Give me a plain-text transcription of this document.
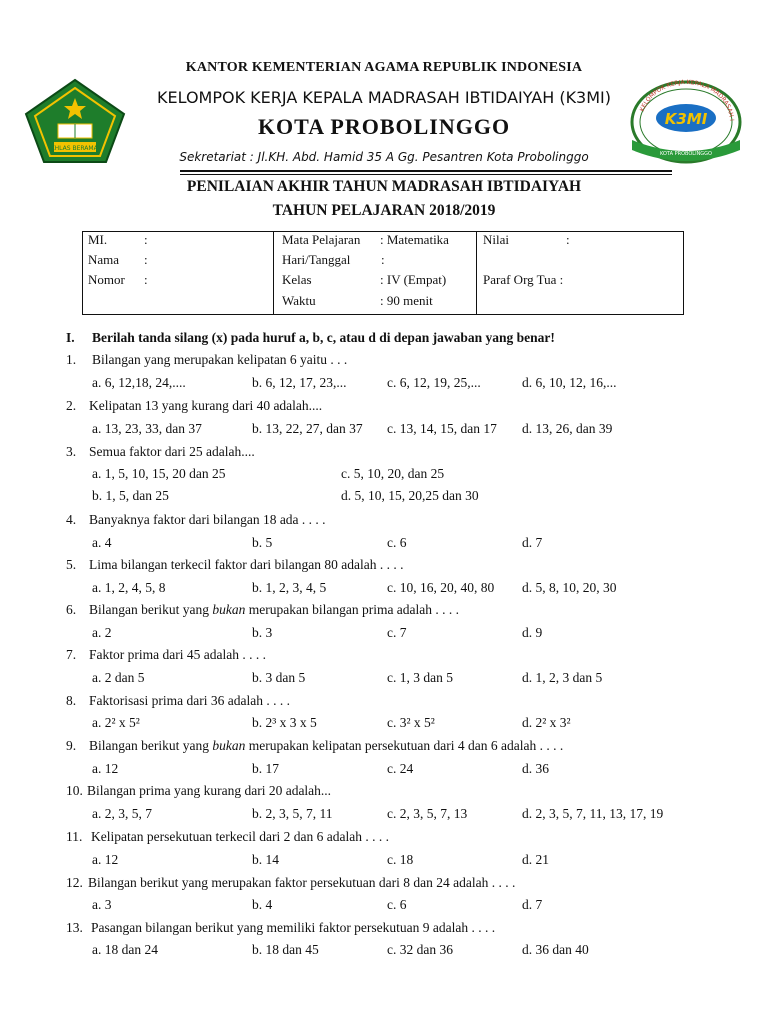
IKHLAS BERAMAL
KELOMPOK KERJA KEPALA MADRASAH I
K3MI
KOTA PROBOLINGGO
KANTOR KEMENTERIAN AGAMA REPUBLIK INDONESIA
KELOMPOK KERJA KEPALA MADRASAH IBTIDAIYAH (K3MI)
KOTA PROBOLINGGO
Sekretariat : Jl.KH. Abd. Hamid 35 A Gg. Pesantren Kota Probolinggo
PENILAIAN AKHIR TAHUN MADRASAH IBTIDAIYAH
TAHUN PELAJARAN 2018/2019
MI.	:
Nama :
Nomor :
Mata Pelajaran : Matematika
Hari/Tanggal :
Kelas	: IV (Empat)
Waktu	: 90 menit
Nilai	:
Paraf Org Tua :
I. Berilah tanda silang (x) pada huruf a, b, c, atau d di depan jawaban yang benar!
1. Bilangan yang merupakan kelipatan 6 yaitu . . .
a. 6, 12,18, 24,....	b. 6, 12, 17, 23,...	c. 6, 12, 19, 25,...	d. 6, 10, 12, 16,...
2. Kelipatan 13 yang kurang dari 40 adalah....
a. 13, 23, 33, dan 37	b. 13, 22, 27, dan 37 c. 13, 14, 15, dan 17 d. 13, 26, dan 39
3. Semua faktor dari 25 adalah....
a. 1, 5, 10, 15, 20 dan 25	c. 5, 10, 20, dan 25
b. 1, 5, dan 25	d. 5, 10, 15, 20,25 dan 30
4. Banyaknya faktor dari bilangan 18 ada . . . .
a. 4	b. 5	c. 6	d. 7
5. Lima bilangan terkecil faktor dari bilangan 80 adalah . . . .
a. 1, 2, 4, 5, 8	b. 1, 2, 3, 4, 5	c. 10, 16, 20, 40, 80 d. 5, 8, 10, 20, 30
6. Bilangan berikut yang bukan merupakan bilangan prima adalah . . . .
a. 2	b. 3	c. 7	d. 9
7. Faktor prima dari 45 adalah . . . .
a. 2 dan 5	b. 3 dan 5	c. 1, 3 dan 5	d. 1, 2, 3 dan 5
8. Faktorisasi prima dari 36 adalah . . . .
a. 2² x 5²	b. 2³ x 3 x 5	c. 3² x 5²	d. 2² x 3²
9. Bilangan berikut yang bukan merupakan kelipatan persekutuan dari 4 dan 6 adalah . . . .
a. 12	b. 17	c. 24	d. 36
10. Bilangan prima yang kurang dari 20 adalah...
a. 2, 3, 5, 7	b. 2, 3, 5, 7, 11	c. 2, 3, 5, 7, 13	d. 2, 3, 5, 7, 11, 13, 17, 19
11. Kelipatan persekutuan terkecil dari 2 dan 6 adalah . . . .
a. 12	b. 14	c. 18	d. 21
12. Bilangan berikut yang merupakan faktor persekutuan dari 8 dan 24 adalah . . . .
a. 3	b. 4	c. 6	d. 7
13. Pasangan bilangan berikut yang memiliki faktor persekutuan 9 adalah . . . .
a. 18 dan 24	b. 18 dan 45	c. 32 dan 36	d. 36 dan 40
